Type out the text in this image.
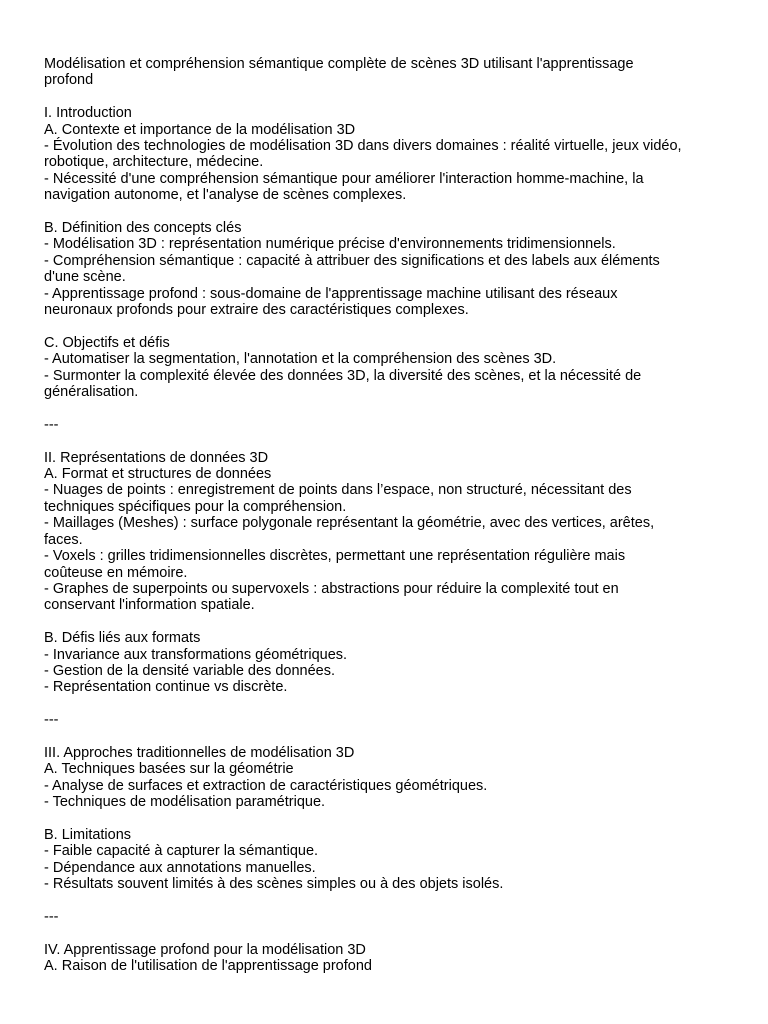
Modélisation et compréhension sémantique complète de scènes 3D utilisant l'apprentissage
profond
I. Introduction
A. Contexte et importance de la modélisation 3D
- Évolution des technologies de modélisation 3D dans divers domaines : réalité virtuelle, jeux vidéo,
robotique, architecture, médecine.
- Nécessité d'une compréhension sémantique pour améliorer l'interaction homme-machine, la
navigation autonome, et l'analyse de scènes complexes.
B. Définition des concepts clés
- Modélisation 3D : représentation numérique précise d'environnements tridimensionnels.
- Compréhension sémantique : capacité à attribuer des significations et des labels aux éléments
d'une scène.
- Apprentissage profond : sous-domaine de l'apprentissage machine utilisant des réseaux
neuronaux profonds pour extraire des caractéristiques complexes.
C. Objectifs et défis
- Automatiser la segmentation, l'annotation et la compréhension des scènes 3D.
- Surmonter la complexité élevée des données 3D, la diversité des scènes, et la nécessité de
généralisation.
---
II. Représentations de données 3D
A. Format et structures de données
- Nuages de points : enregistrement de points dans l’espace, non structuré, nécessitant des
techniques spécifiques pour la compréhension.
- Maillages (Meshes) : surface polygonale représentant la géométrie, avec des vertices, arêtes,
faces.
- Voxels : grilles tridimensionnelles discrètes, permettant une représentation régulière mais
coûteuse en mémoire.
- Graphes de superpoints ou supervoxels : abstractions pour réduire la complexité tout en
conservant l'information spatiale.
B. Défis liés aux formats
- Invariance aux transformations géométriques.
- Gestion de la densité variable des données.
- Représentation continue vs discrète.
---
III. Approches traditionnelles de modélisation 3D
A. Techniques basées sur la géométrie
- Analyse de surfaces et extraction de caractéristiques géométriques.
- Techniques de modélisation paramétrique.
B. Limitations
- Faible capacité à capturer la sémantique.
- Dépendance aux annotations manuelles.
- Résultats souvent limités à des scènes simples ou à des objets isolés.
---
IV. Apprentissage profond pour la modélisation 3D
A. Raison de l'utilisation de l'apprentissage profond
